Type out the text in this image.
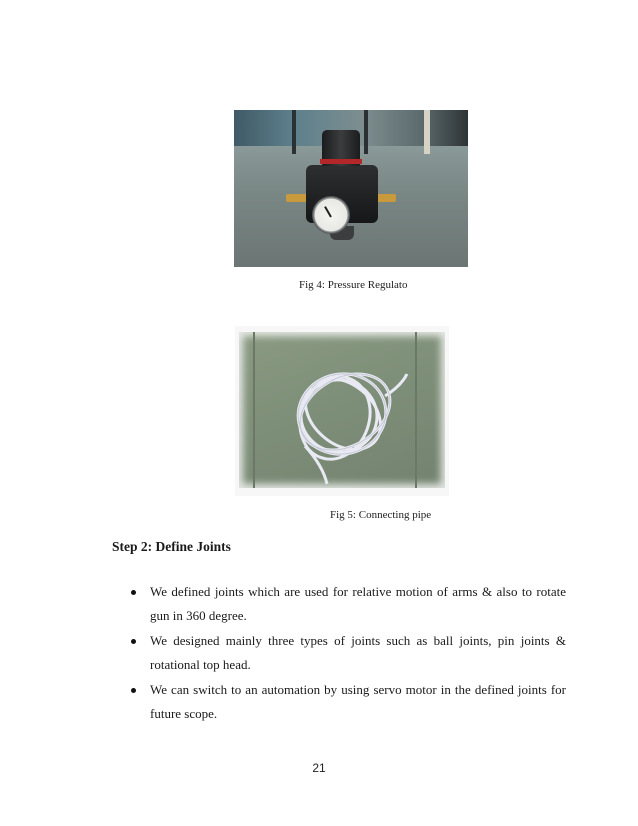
Fig 4: Pressure Regulato
Fig 5: Connecting pipe
Step 2: Define Joints
We defined joints which are used for relative motion of arms & also to rotate gun in 360 degree.
We designed mainly three types of joints such as ball joints, pin joints & rotational top head.
We can switch to an automation by using servo motor in the defined joints for future scope.
21
